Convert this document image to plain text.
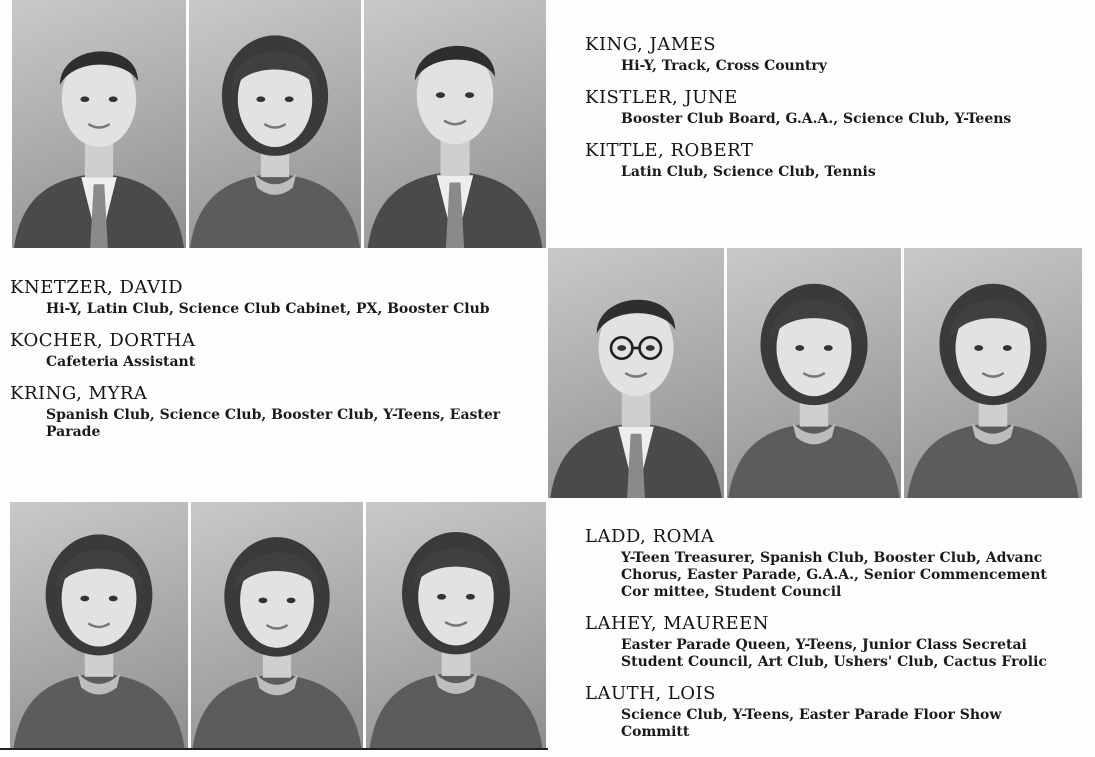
KING, JAMES

Hi-Y, Track, Cross Country

KISTLER, JUNE

Booster Club Board, G.A.A., Science Club, Y-Teens

KITTLE, ROBERT

Latin Club, Science Club, Tennis

KNETZER, DAVID

Hi-Y, Latin Club, Science Club Cabinet, PX, Booster Club

KOCHER, DORTHA

Cafeteria Assistant

KRING, MYRA

Spanish Club, Science Club, Booster Club, Y-Teens, Easter Parade

LADD, ROMA

Y-Teen Treasurer, Spanish Club, Booster Club, Advanc Chorus, Easter Parade, G.A.A., Senior Commencement Cor mittee, Student Council

LAHEY, MAUREEN

Easter Parade Queen, Y-Teens, Junior Class Secretai Student Council, Art Club, Ushers' Club, Cactus Frolic

LAUTH, LOIS

Science Club, Y-Teens, Easter Parade Floor Show Committ
